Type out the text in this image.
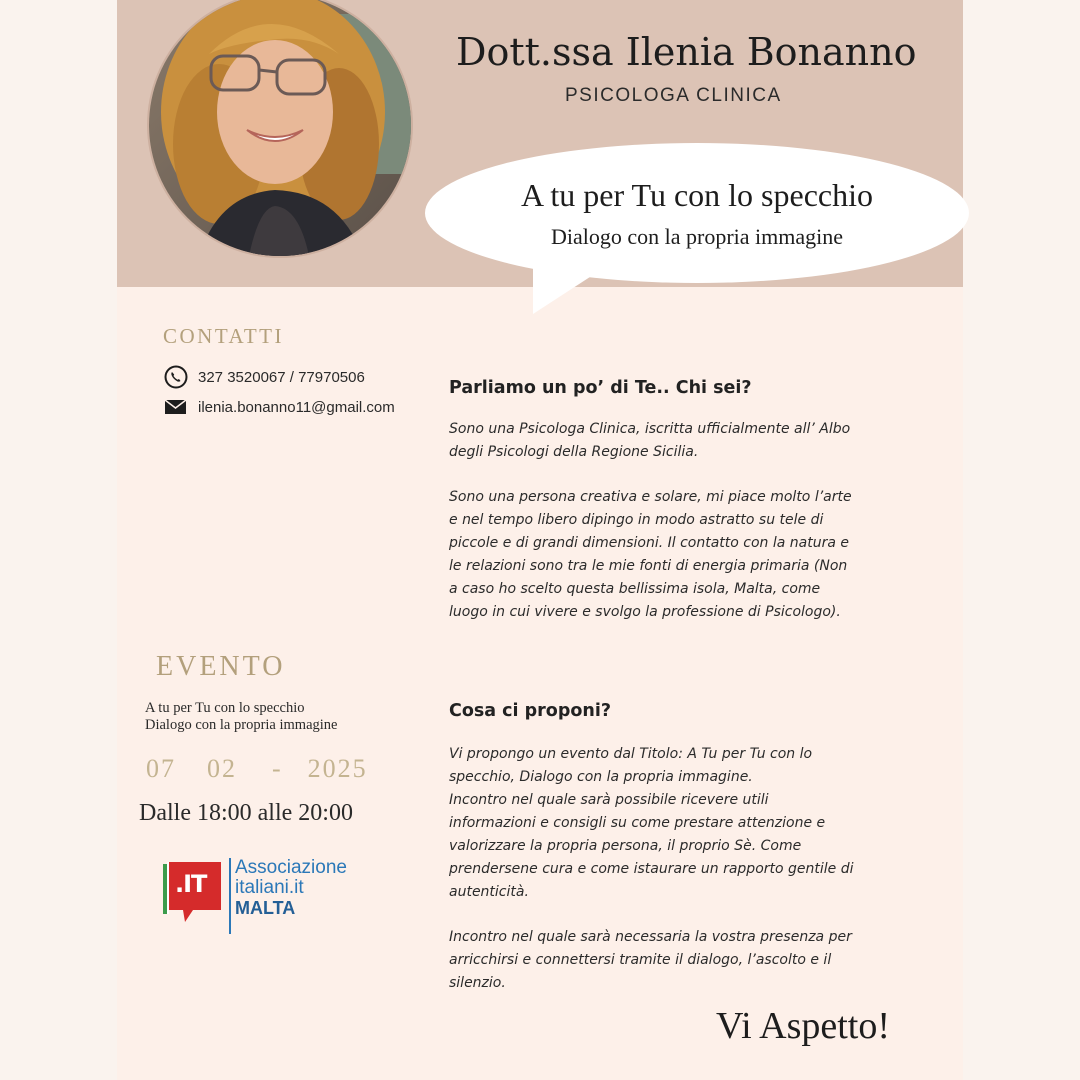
Dott.ssa Ilenia Bonanno
PSICOLOGA CLINICA
A tu per Tu con lo specchio
Dialogo con la propria immagine
CONTATTI
327 3520067 / 77970506
ilenia.bonanno11@gmail.com
EVENTO
A tu per Tu con lo specchio
Dialogo con la propria immagine
07 02 - 2025
Dalle 18:00 alle 20:00
.IT
Associazione
italiani.it
MALTA
Parliamo un po’ di Te.. Chi sei?

Sono una Psicologa Clinica, iscritta ufficialmente all’ Albo

degli Psicologi della Regione Sicilia.

Sono una persona creativa e solare, mi piace molto l’arte

e nel tempo libero dipingo in modo astratto su tele di

piccole e di grandi dimensioni. Il contatto con la natura e

le relazioni sono tra le mie fonti di energia primaria (Non

a caso ho scelto questa bellissima isola, Malta, come

luogo in cui vivere e svolgo la professione di Psicologo).

Cosa ci proponi?

Vi propongo un evento dal Titolo: A Tu per Tu con lo

specchio, Dialogo con la propria immagine.

Incontro nel quale sarà possibile ricevere utili

informazioni e consigli su come prestare attenzione e

valorizzare la propria persona, il proprio Sè. Come

prendersene cura e come istaurare un rapporto gentile di

autenticità.

Incontro nel quale sarà necessaria la vostra presenza per

arricchirsi e connettersi tramite il dialogo, l’ascolto e il

silenzio.

Vi Aspetto!
